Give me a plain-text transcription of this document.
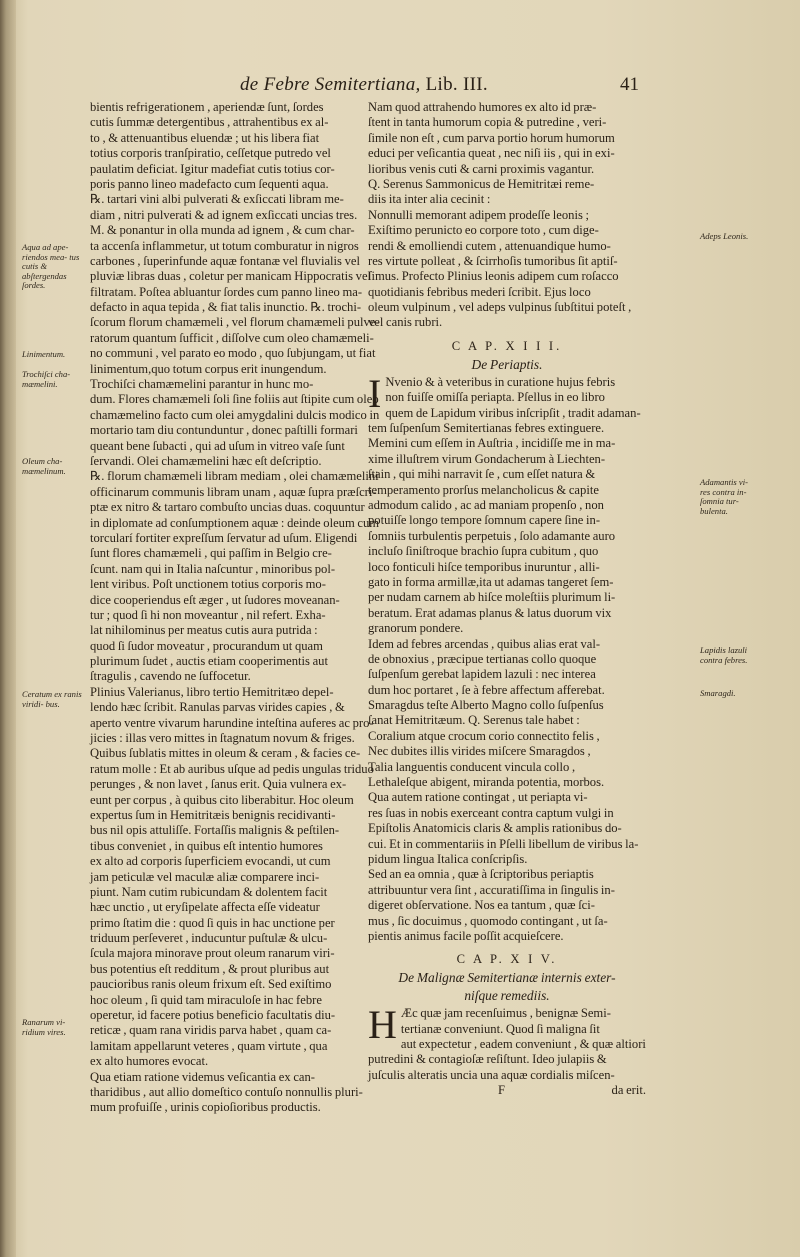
de Febre Semitertiana, Lib. III.	41
Aqua ad ape- riendos mea- tus cutis & abſtergendas ſordes.
Linimentum.
Trochiſci cha- mæmelini.
Oleum cha- mæmelinum.
Ceratum ex ranis viridi- bus.
Ranarum vi- ridium vires.
Adeps Leonis.
Adamantis vi- res contra in- ſomnia tur- bulenta.
Lapidis lazuli contra febres.
Smaragdi.
bientis refrigerationem , aperiendæ ſunt, ſordes
cutis ſummæ detergentibus , attrahentibus ex al-
to , & attenuantibus eluendæ ; ut his libera fiat
totius corporis tranſpiratio, ceſſetque putredo vel
paulatim deficiat. Igitur madefiat cutis totius cor-
poris panno lineo madefacto cum ſequenti aqua.
℞. tartari vini albi pulverati & exſiccati libram me-
diam , nitri pulverati & ad ignem exſiccati uncias tres.
M. & ponantur in olla munda ad ignem , & cum char-
ta accenſa inflammetur, ut totum comburatur in nigros
carbones , ſuperinfunde aquæ fontanæ vel fluvialis vel
pluviæ libras duas , coletur per manicam Hippocratis vel
filtratam. Poſtea abluantur ſordes cum panno lineo ma-
defacto in aqua tepida , & fiat talis inunctio. ℞. trochi-
ſcorum florum chamæmeli , vel florum chamæmeli pulve-
ratorum quantum ſufficit , diſſolve cum oleo chamæmeli-
no communi , vel parato eo modo , quo ſubjungam, ut fiat
linimentum,quo totum corpus erit inungendum.
Trochiſci chamæmelini parantur in hunc mo-
dum. Flores chamæmeli ſoli ſine foliis aut ſtipite cum oleo
chamæmelino facto cum olei amygdalini dulcis modico in
mortario tam diu contunduntur , donec paſtilli formari
queant bene ſubacti , qui ad uſum in vitreo vaſe ſunt
ſervandi. Olei chamæmelini hæc eſt deſcriptio.
℞. florum chamæmeli libram mediam , olei chamæmelini
officinarum communis libram unam , aquæ ſupra præſcri-
ptæ ex nitro & tartaro combuſto uncias duas. coquuntur
in diplomate ad conſumptionem aquæ : deinde oleum cum
torcularí fortiter expreſſum ſervatur ad uſum. Eligendi
ſunt flores chamæmeli , qui paſſim in Belgio cre-
ſcunt. nam qui in Italia naſcuntur , minoribus pol-
lent viribus. Poſt unctionem totius corporis mo-
dice cooperiendus eſt æger , ut ſudores moveanan-
tur ; quod ſi hi non moveantur , nil refert. Exha-
lat nihilominus per meatus cutis aura putrida :
quod ſi ſudor moveatur , procurandum ut quam
plurimum ſudet , auctis etiam cooperimentis aut
ſtragulis , cavendo ne ſuffocetur.
Plinius Valerianus, libro tertio Hemitritæo depel-
lendo hæc ſcribit. Ranulas parvas virides capies , &
aperto ventre vivarum harundine inteſtina auferes ac pro-
jicies : illas vero mittes in ſtagnatum novum & friges.
Quibus ſublatis mittes in oleum & ceram , & facies ce-
ratum molle : Et ab auribus uſque ad pedis ungulas triduo
perunges , & non lavet , ſanus erit. Quia vulnera ex-
eunt per corpus , à quibus cito liberabitur. Hoc oleum
expertus ſum in Hemitritæis benignis recidivanti-
bus nil opis attuliſſe. Fortaſſis malignis & peſtilen-
tibus conveniet , in quibus eſt intentio humores
ex alto ad corporis ſuperficiem evocandi, ut cum
jam peticulæ vel maculæ aliæ comparere inci-
piunt. Nam cutim rubicundam & dolentem facit
hæc unctio , ut eryſipelate affecta eſſe videatur
primo ſtatim die : quod ſi quis in hac unctione per
triduum perſeveret , inducuntur puſtulæ & ulcu-
ſcula majora minorave prout oleum ranarum viri-
bus potentius eſt redditum , & prout pluribus aut
paucioribus ranis oleum frixum eſt. Sed exiſtimo
hoc oleum , ſi quid tam miraculoſe in hac febre
operetur, id facere potius beneficio facultatis diu-
reticæ , quam rana viridis parva habet , quam ca-
lamitam appellarunt veteres , quam virtute , qua
ex alto humores evocat.
Qua etiam ratione videmus veſicantia ex can-
tharidibus , aut allio domeſtico contuſo nonnullis pluri-
mum profuiſſe , urinis copioſioribus productis.
Nam quod attrahendo humores ex alto id præ-
ſtent in tanta humorum copia & putredine , veri-
ſimile non eſt , cum parva portio horum humorum
educi per veſicantia queat , nec niſi iis , qui in exi-
lioribus venis cuti & carni proximis vagantur.
Q. Serenus Sammonicus de Hemitritæi reme-
diis ita inter alia cecinit :
Nonnulli memorant adipem prodeſſe leonis ;
Exiſtimo perunicto eo corpore toto , cum dige-
rendi & emolliendi cutem , attenuandique humo-
res virtute polleat , & ſcirrhoſis tumoribus ſit aptiſ-
ſimus. Profecto Plinius leonis adipem cum roſacco
quotidianis febribus mederi ſcribit. Ejus loco
oleum vulpinum , vel adeps vulpinus ſubſtitui poteſt ,
vel canis rubri.
C A P. X I I I.
De Periaptis.
I Nvenio & à veteribus in curatione hujus febris
non fuiſſe omiſſa periapta. Pſellus in eo libro
quem de Lapidum viribus inſcripſit , tradit adaman-
tem ſuſpenſum Semitertianas febres extinguere.
Memini cum eſſem in Auſtria , incidiſſe me in ma-
xime illuſtrem virum Gondacherum à Liechten-
ſtain , qui mihi narravit ſe , cum eſſet natura &
temperamento prorſus melancholicus & capite
admodum calido , ac ad maniam propenſo , non
potuiſſe longo tempore ſomnum capere ſine in-
ſomniis turbulentis perpetuis , ſolo adamante auro
incluſo ſiniſtroque brachio ſupra cubitum , quo
loco fonticuli hiſce temporibus inuruntur , alli-
gato in forma armillæ,ita ut adamas tangeret ſem-
per nudam carnem ab hiſce moleſtiis plurimum li-
beratum. Erat adamas planus & latus duorum vix
granorum pondere.
Idem ad febres arcendas , quibus alias erat val-
de obnoxius , præcipue tertianas collo quoque
ſuſpenſum gerebat lapidem lazuli : nec interea
dum hoc portaret , ſe à febre affectum afferebat.
Smaragdus teſte Alberto Magno collo ſuſpenſus
ſanat Hemitritæum. Q. Serenus tale habet :
Coralium atque crocum corio connectito felis ,
Nec dubites illis virides miſcere Smaragdos ,
Talia languentis conducent vincula collo ,
Lethaleſque abigent, miranda potentia, morbos.
Qua autem ratione contingat , ut periapta vi-
res ſuas in nobis exerceant contra captum vulgi in
Epiſtolis Anatomicis claris & amplis rationibus do-
cui. Et in commentariis in Pſelli libellum de viribus la-
pidum lingua Italica conſcripſis.
Sed an ea omnia , quæ à ſcriptoribus periaptis
attribuuntur vera ſint , accuratiſſima in ſingulis in-
digeret obſervatione. Nos ea tantum , quæ ſci-
mus , ſic docuimus , quomodo contingant , ut ſa-
pientis animus facile poſſit acquieſcere.
C A P. X I V.
De Malignæ Semitertianæ internis exter-
niſque remediis.
H Æc quæ jam recenſuimus , benignæ Semi-
tertianæ conveniunt. Quod ſi maligna ſit
aut expectetur , eadem conveniunt , & quæ altiori
putredini & contagioſæ reſiſtunt. Ideo julapiis &
juſculis alteratis uncia una aquæ cordialis miſcen-
F	da erit.
